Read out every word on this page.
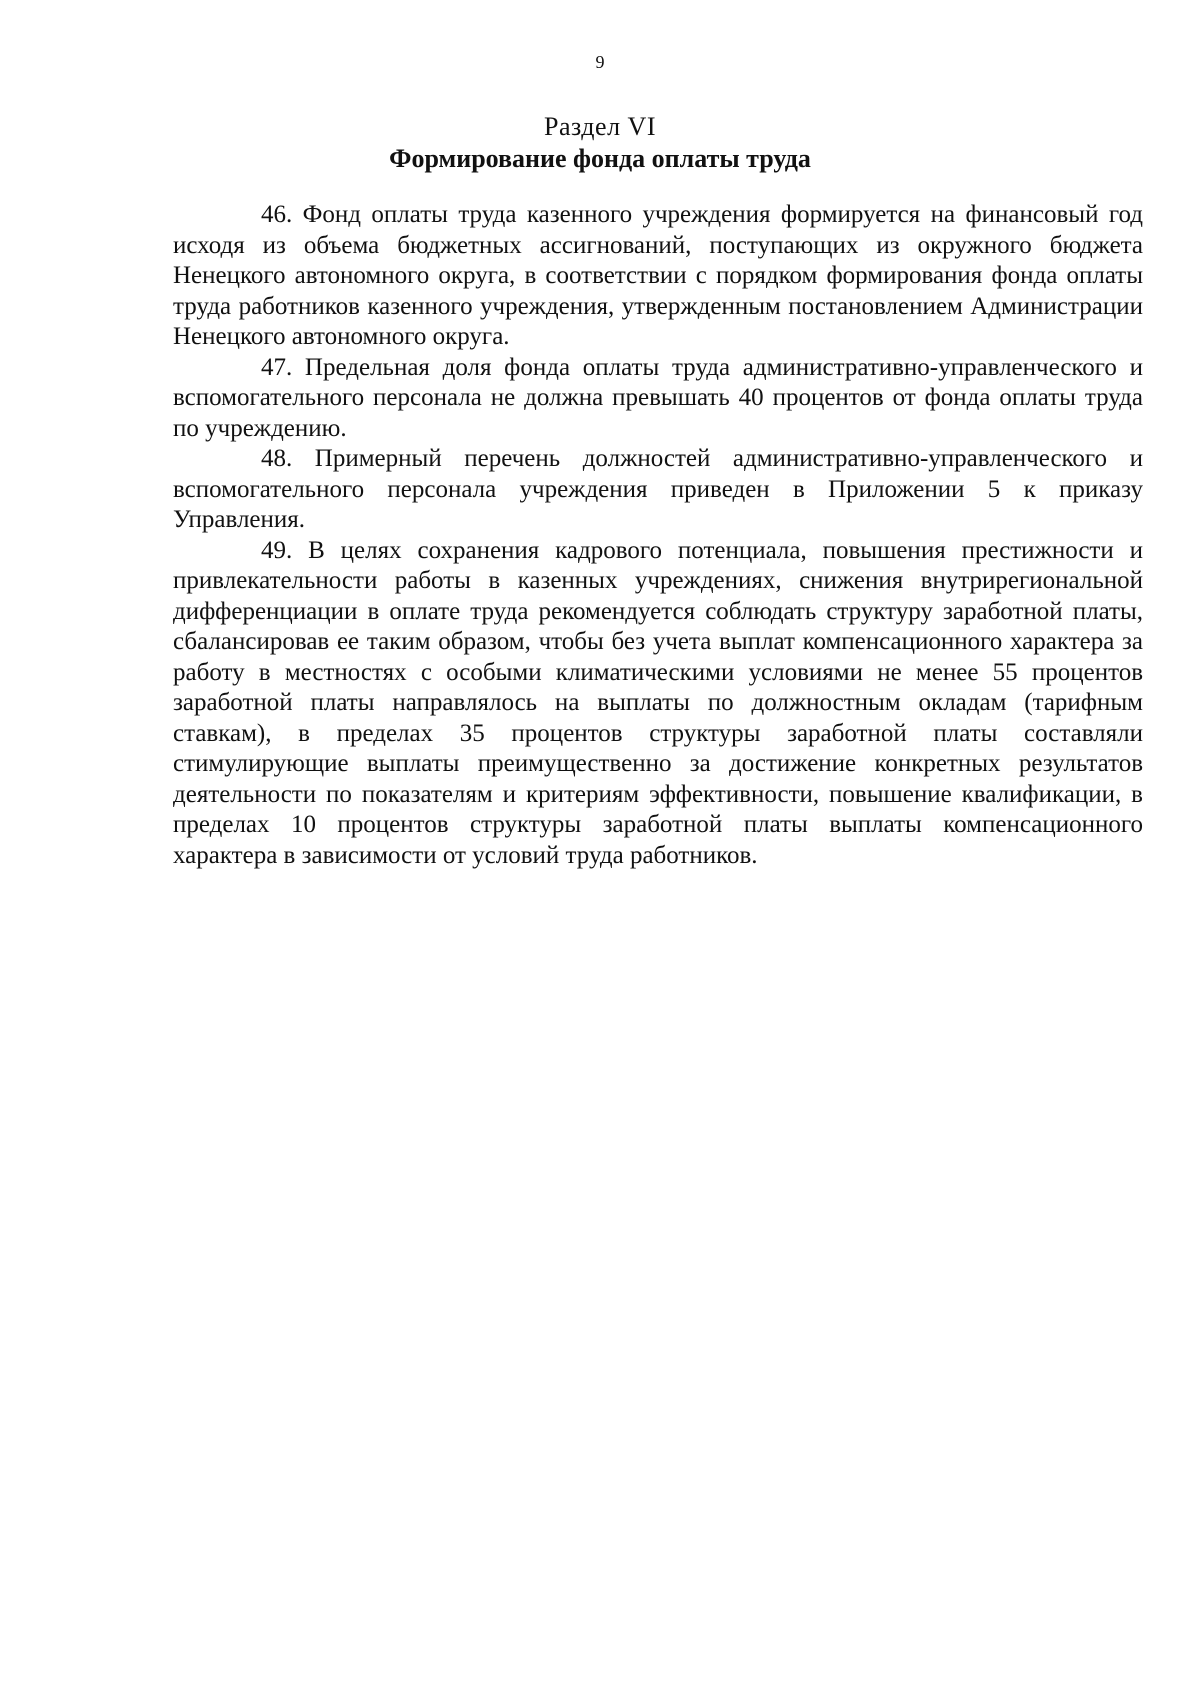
9
Раздел VI
Формирование фонда оплаты труда

46. Фонд оплаты труда казенного учреждения формируется на финансовый год исходя из объема бюджетных ассигнований, поступающих из окружного бюджета Ненецкого автономного округа, в соответствии с порядком формирования фонда оплаты труда работников казенного учреждения, утвержденным постановлением Администрации Ненецкого автономного округа.

47. Предельная доля фонда оплаты труда административно-управленческого и вспомогательного персонала не должна превышать 40 процентов от фонда оплаты труда по учреждению.

48. Примерный перечень должностей административно-управленческого и вспомогательного персонала учреждения приведен в Приложении 5 к приказу Управления.

49. В целях сохранения кадрового потенциала, повышения престижности и привлекательности работы в казенных учреждениях, снижения внутрирегиональной дифференциации в оплате труда рекомендуется соблюдать структуру заработной платы, сбалансировав ее таким образом, чтобы без учета выплат компенсационного характера за работу в местностях с особыми климатическими условиями не менее 55 процентов заработной платы направлялось на выплаты по должностным окладам (тарифным ставкам), в пределах 35 процентов структуры заработной платы составляли стимулирующие выплаты преимущественно за достижение конкретных результатов деятельности по показателям и критериям эффективности, повышение квалификации, в пределах 10 процентов структуры заработной платы выплаты компенсационного характера в зависимости от условий труда работников.
